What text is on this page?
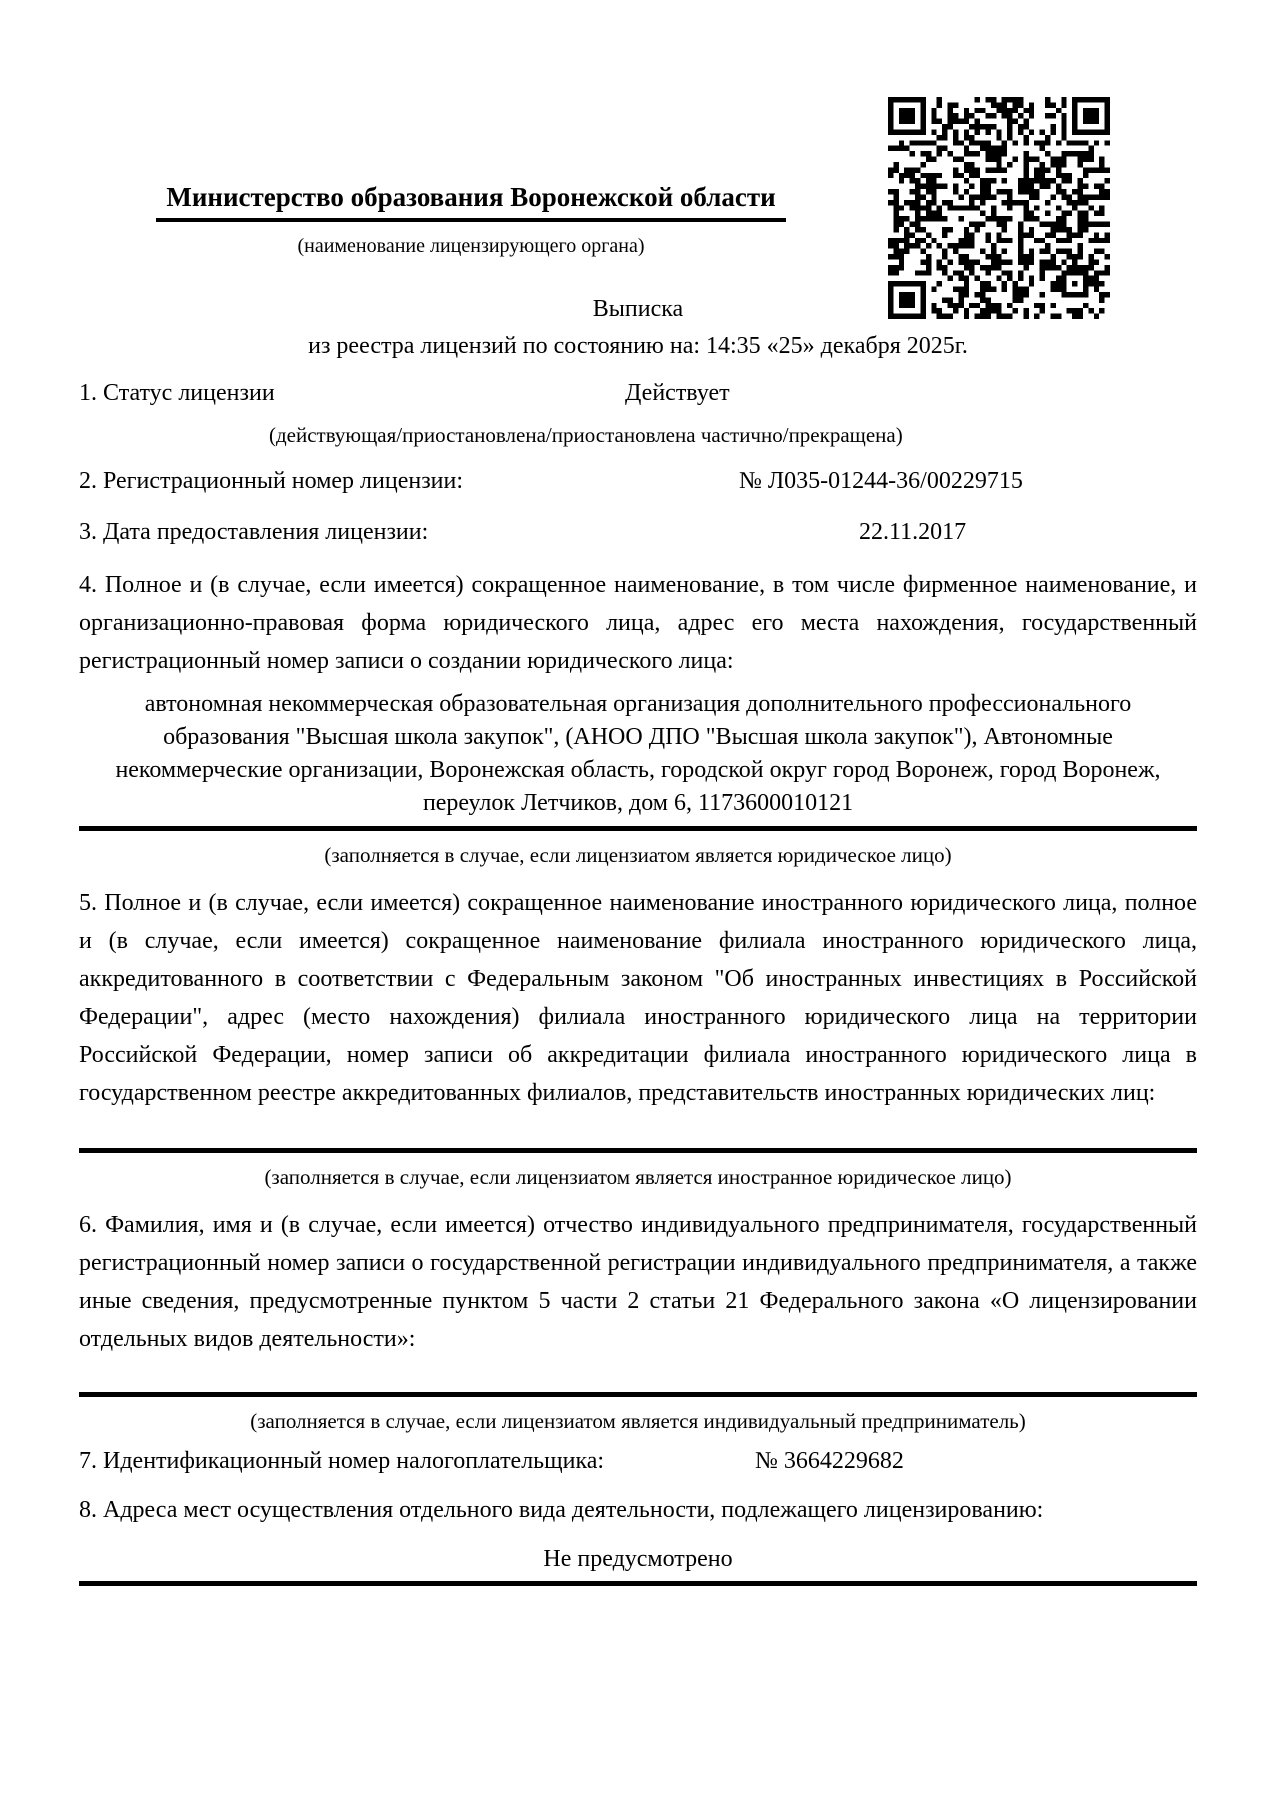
Министерство образования Воронежской области
(наименование лицензирующего органа)
Выписка
из реестра лицензий по состоянию на: 14:35 «25» декабря 2025г.
1. Статус лицензии	Действует
(действующая/приостановлена/приостановлена частично/прекращена)
2. Регистрационный номер лицензии:	№ Л035-01244-36/00229715
3. Дата предоставления лицензии:	22.11.2017
4. Полное и (в случае, если имеется) сокращенное наименование, в том числе фирменное наименование, и организационно-правовая форма юридического лица, адрес его места нахождения, государственный регистрационный номер записи о создании юридического лица:
автономная некоммерческая образовательная организация дополнительного профессионального образования "Высшая школа закупок", (АНОО ДПО "Высшая школа закупок"), Автономные некоммерческие организации, Воронежская область, городской округ город Воронеж, город Воронеж, переулок Летчиков, дом 6, 1173600010121
(заполняется в случае, если лицензиатом является юридическое лицо)
5. Полное и (в случае, если имеется) сокращенное наименование иностранного юридического лица, полное и (в случае, если имеется) сокращенное наименование филиала иностранного юридического лица, аккредитованного в соответствии с Федеральным законом "Об иностранных инвестициях в Российской Федерации", адрес (место нахождения) филиала иностранного юридического лица на территории Российской Федерации, номер записи об аккредитации филиала иностранного юридического лица в государственном реестре аккредитованных филиалов, представительств иностранных юридических лиц:
(заполняется в случае, если лицензиатом является иностранное юридическое лицо)
6. Фамилия, имя и (в случае, если имеется) отчество индивидуального предпринимателя, государственный регистрационный номер записи о государственной регистрации индивидуального предпринимателя, а также иные сведения, предусмотренные пунктом 5 части 2 статьи 21 Федерального закона «О лицензировании отдельных видов деятельности»:
(заполняется в случае, если лицензиатом является индивидуальный предприниматель)
7. Идентификационный номер налогоплательщика:	№ 3664229682
8. Адреса мест осуществления отдельного вида деятельности, подлежащего лицензированию:
Не предусмотрено
